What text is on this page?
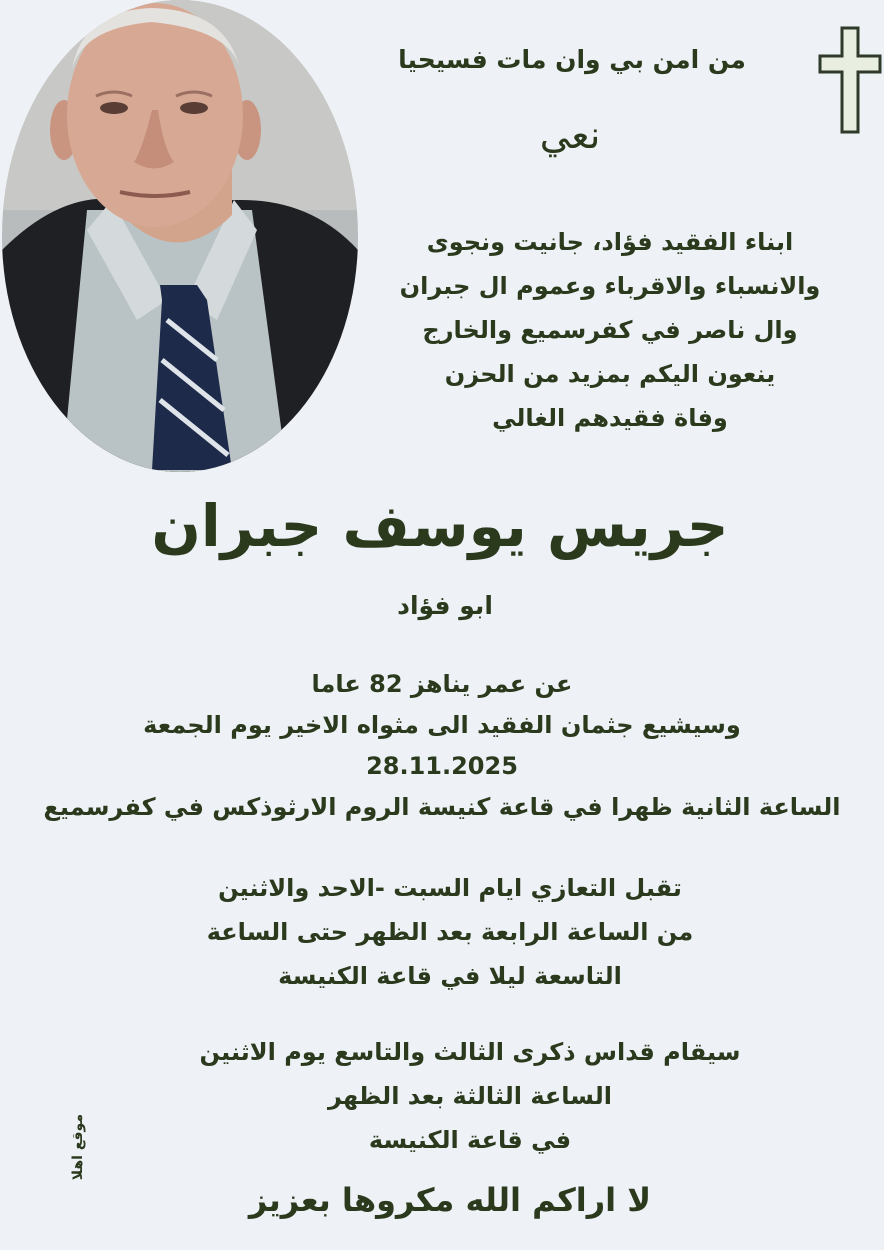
من امن بي وان مات فسيحيا

نعي

ابناء الفقيد فؤاد، جانيت ونجوى
والانسباء والاقرباء وعموم ال جبران
وال ناصر في كفرسميع والخارج
ينعون اليكم بمزيد من الحزن
وفاة فقيدهم الغالي

جريس يوسف جبران

ابو فؤاد

عن عمر يناهز 82 عاما
وسيشيع جثمان الفقيد الى مثواه الاخير يوم الجمعة
28.11.2025
الساعة الثانية ظهرا في قاعة كنيسة الروم الارثوذكس في كفرسميع
تقبل التعازي ايام السبت -الاحد والاثنين
من الساعة الرابعة بعد الظهر حتى الساعة
التاسعة ليلا في قاعة الكنيسة
سيقام قداس ذكرى الثالث والتاسع يوم الاثنين
الساعة الثالثة بعد الظهر
في قاعة الكنيسة

لا اراكم الله مكروها بعزيز

موقع اهلا
